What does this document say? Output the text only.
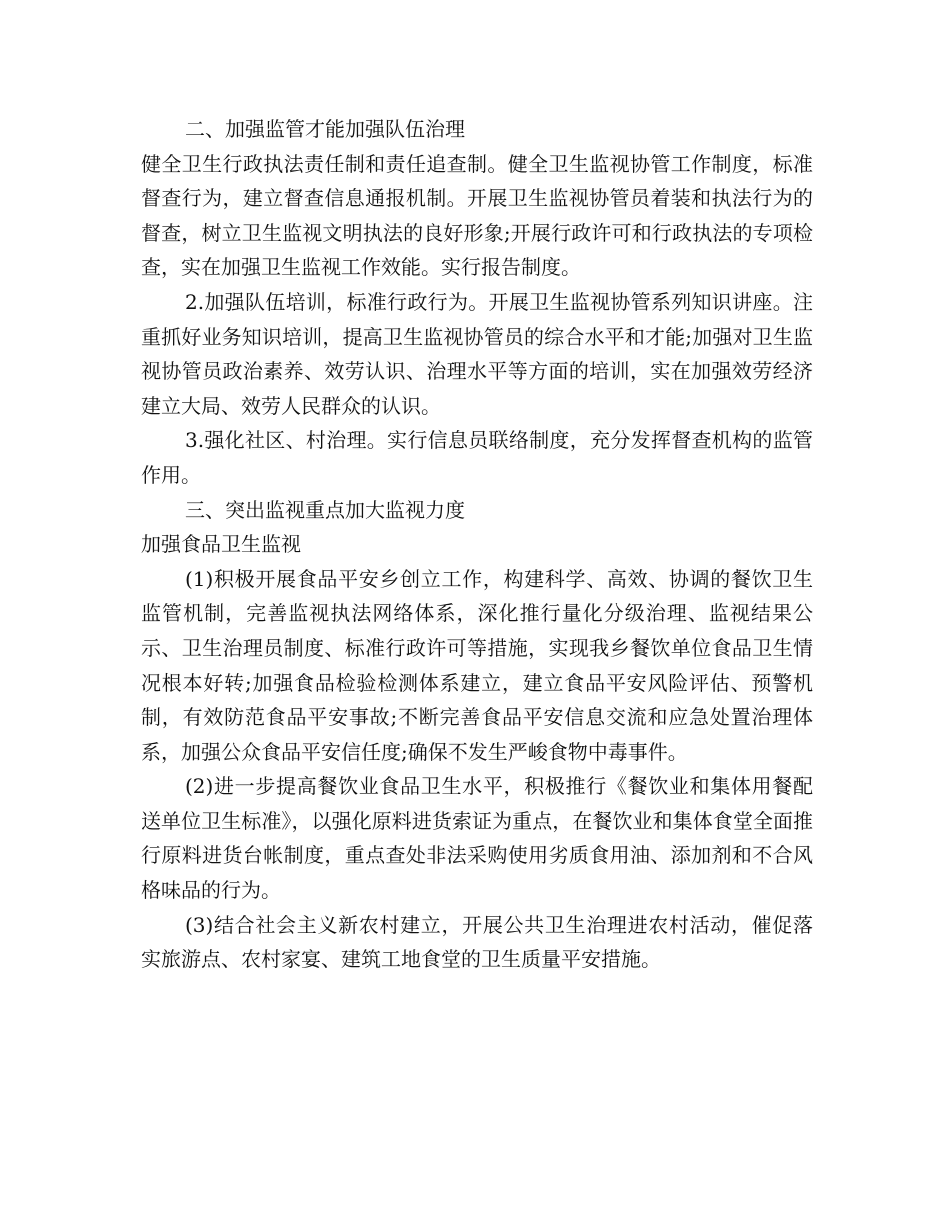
二、加强监管才能加强队伍治理

健全卫生行政执法责任制和责任追查制。健全卫生监视协管工作制度，标准督查行为，建立督查信息通报机制。开展卫生监视协管员着装和执法行为的督查，树立卫生监视文明执法的良好形象;开展行政许可和行政执法的专项检查，实在加强卫生监视工作效能。实行报告制度。

2.加强队伍培训，标准行政行为。开展卫生监视协管系列知识讲座。注重抓好业务知识培训，提高卫生监视协管员的综合水平和才能;加强对卫生监视协管员政治素养、效劳认识、治理水平等方面的培训，实在加强效劳经济建立大局、效劳人民群众的认识。

3.强化社区、村治理。实行信息员联络制度，充分发挥督查机构的监管作用。

三、突出监视重点加大监视力度

加强食品卫生监视

(1)积极开展食品平安乡创立工作，构建科学、高效、协调的餐饮卫生监管机制，完善监视执法网络体系，深化推行量化分级治理、监视结果公示、卫生治理员制度、标准行政许可等措施，实现我乡餐饮单位食品卫生情况根本好转;加强食品检验检测体系建立，建立食品平安风险评估、预警机制，有效防范食品平安事故;不断完善食品平安信息交流和应急处置治理体系，加强公众食品平安信任度;确保不发生严峻食物中毒事件。

(2)进一步提高餐饮业食品卫生水平，积极推行《餐饮业和集体用餐配送单位卫生标准》，以强化原料进货索证为重点，在餐饮业和集体食堂全面推行原料进货台帐制度，重点查处非法采购使用劣质食用油、添加剂和不合风格味品的行为。

(3)结合社会主义新农村建立，开展公共卫生治理进农村活动，催促落实旅游点、农村家宴、建筑工地食堂的卫生质量平安措施。
